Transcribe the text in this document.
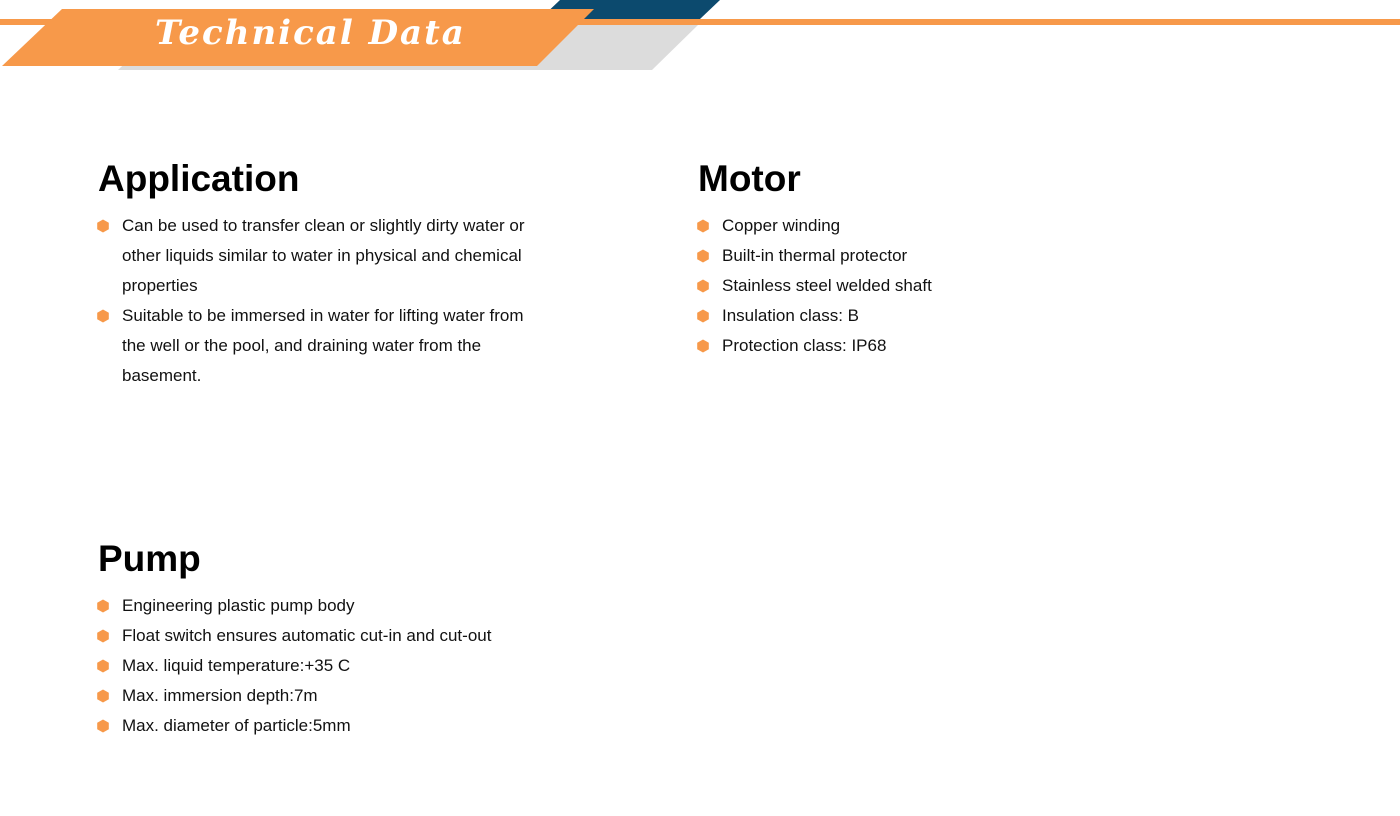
Technical Data
Application
Can be used to transfer clean or slightly dirty water or other liquids similar to water in physical and chemical properties
Suitable to be immersed in water for lifting water from the well or the pool, and draining water from the basement.
Motor
Copper winding
Built-in thermal protector
Stainless steel welded shaft
Insulation class: B
Protection class: IP68
Pump
Engineering plastic pump body
Float switch ensures automatic cut-in and cut-out
Max. liquid temperature:+35 C
Max. immersion depth:7m
Max. diameter of particle:5mm
